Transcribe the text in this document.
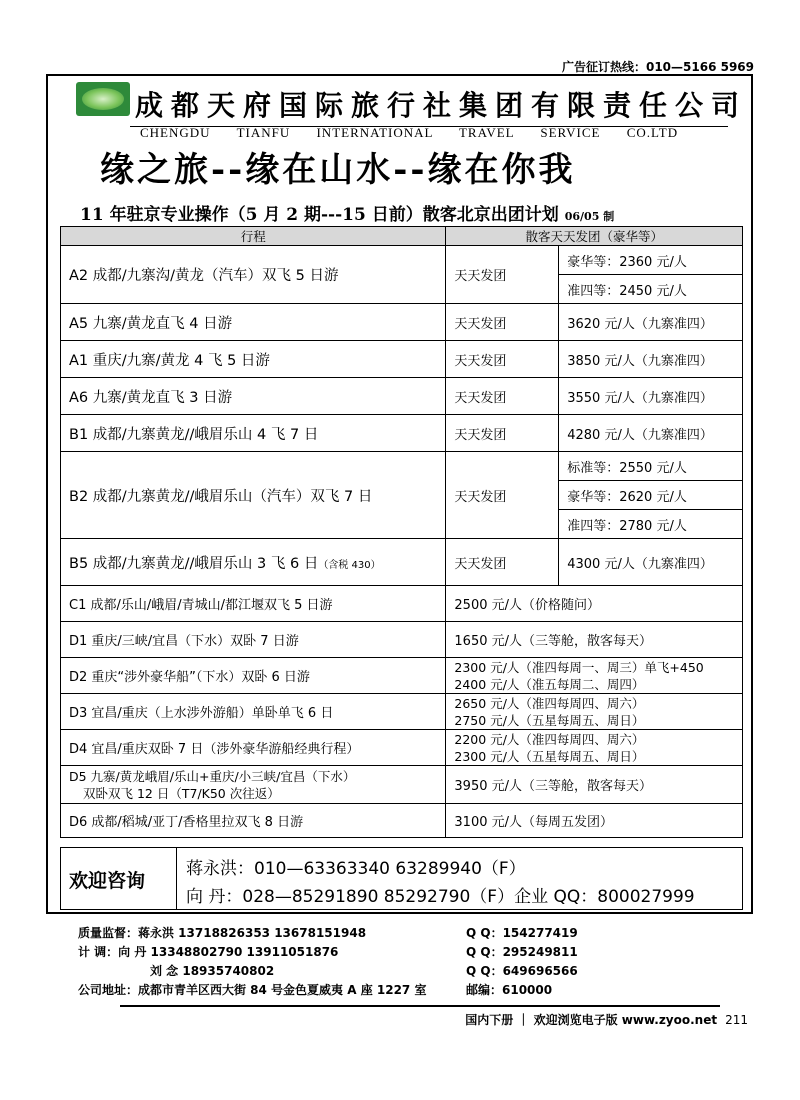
广告征订热线：010—5166 5969
成都天府国际旅行社集团有限责任公司
CHENGDU TIANFU INTERNATIONAL TRAVEL SERVICE CO.LTD
缘之旅--缘在山水--缘在你我
11 年驻京专业操作（5 月 2 期---15 日前）散客北京出团计划 06/05 制
行程	散客天天发团（豪华等）	
A2 成都/九寨沟/黄龙（汽车）双飞 5 日游	天天发团	豪华等：2360 元/人
		准四等：2450 元/人
A5 九寨/黄龙直飞 4 日游	天天发团	3620 元/人（九寨准四）
A1 重庆/九寨/黄龙 4 飞 5 日游	天天发团	3850 元/人（九寨准四）
A6 九寨/黄龙直飞 3 日游	天天发团	3550 元/人（九寨准四）
B1 成都/九寨黄龙//峨眉乐山 4 飞 7 日	天天发团	4280 元/人（九寨准四）
B2 成都/九寨黄龙//峨眉乐山（汽车）双飞 7 日	天天发团	标准等：2550 元/人
		豪华等：2620 元/人
		准四等：2780 元/人
B5 成都/九寨黄龙//峨眉乐山 3 飞 6 日（含税 430）	天天发团	4300 元/人（九寨准四）
C1 成都/乐山/峨眉/青城山/都江堰双飞 5 日游	2500 元/人（价格随问）	
D1 重庆/三峡/宜昌（下水）双卧 7 日游	1650 元/人（三等舱，散客每天）	
D2 重庆“涉外豪华船”（下水）双卧 6 日游	2300 元/人（准四每周一、周三）单飞+450
2400 元/人（准五每周二、周四）	

D3 宜昌/重庆（上水涉外游船）单卧单飞 6 日	2650 元/人（准四每周四、周六）
2750 元/人（五星每周五、周日）	

D4 宜昌/重庆双卧 7 日（涉外豪华游船经典行程）	2200 元/人（准四每周四、周六）
2300 元/人（五星每周五、周日）	

D5 九寨/黄龙峨眉/乐山+重庆/小三峡/宜昌（下水）
双卧双飞 12 日（T7/K50 次往返）	3950 元/人（三等舱，散客每天）	
D6 成都/稻城/亚丁/香格里拉双飞 8 日游	3100 元/人（每周五发团）	
欢迎咨询
蒋永洪：010—63363340 63289940（F）
向 丹：028—85291890 85292790（F）企业 QQ：800027999
质量监督：蒋永洪 13718826353 13678151948	Q Q：154277419
计 调：向 丹 13348802790 13911051876	Q Q：295249811
刘 念 18935740802	Q Q：649696566
公司地址：成都市青羊区西大街 84 号金色夏威夷 A 座 1227 室	邮编：610000
国内下册 ｜ 欢迎浏览电子版 www.zyoo.net 211
